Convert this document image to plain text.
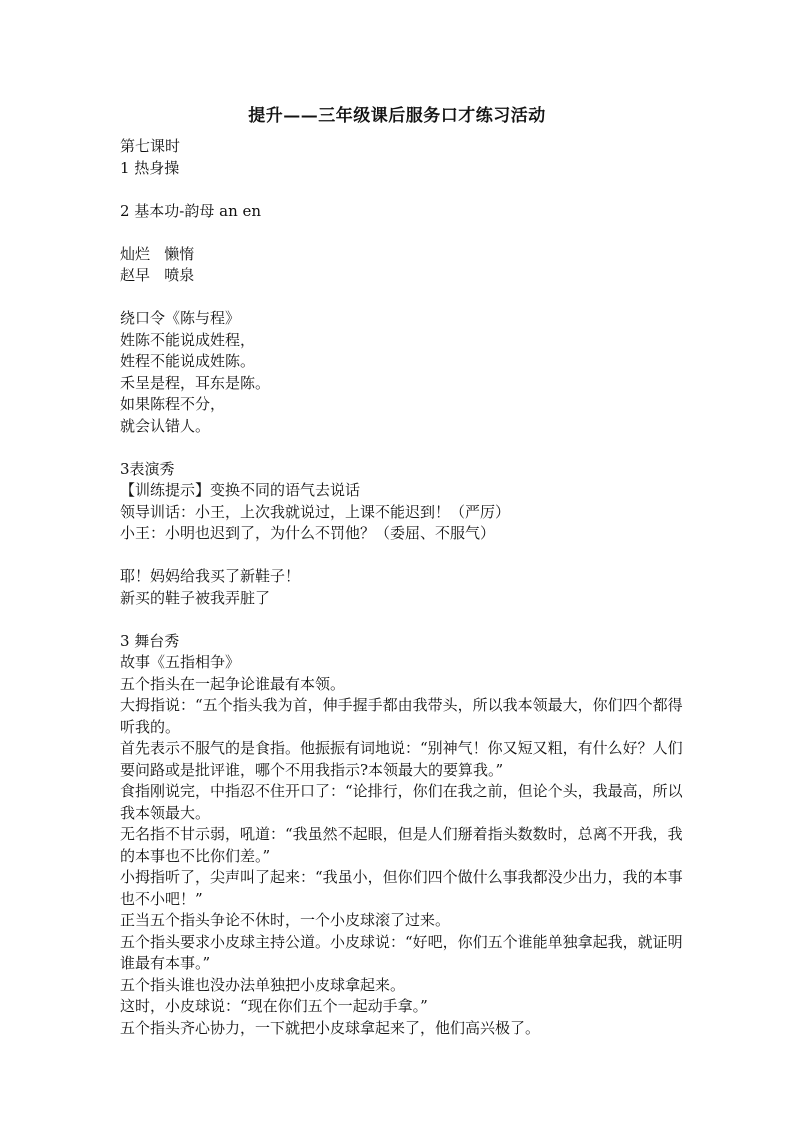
提升——三年级课后服务口才练习活动
第七课时
1 热身操
2 基本功-韵母 an en
灿烂   懒惰
赵早   喷泉
绕口令《陈与程》
姓陈不能说成姓程，
姓程不能说成姓陈。
禾呈是程，耳东是陈。
如果陈程不分，
就会认错人。
3表演秀
【训练提示】变换不同的语气去说话
领导训话：小王，上次我就说过，上课不能迟到！（严厉）
小王：小明也迟到了，为什么不罚他？（委屈、不服气）
耶！妈妈给我买了新鞋子！
新买的鞋子被我弄脏了
3 舞台秀
故事《五指相争》
五个指头在一起争论谁最有本领。
大拇指说：“五个指头我为首，伸手握手都由我带头，所以我本领最大，你们四个都得听我的。
首先表示不服气的是食指。他振振有词地说：“别神气！你又短又粗，有什么好？人们要问路或是批评谁，哪个不用我指示?本领最大的要算我。”
食指刚说完，中指忍不住开口了：“论排行，你们在我之前，但论个头，我最高，所以我本领最大。
无名指不甘示弱，吼道：“我虽然不起眼，但是人们掰着指头数数时，总离不开我，我的本事也不比你们差。”
小拇指听了，尖声叫了起来：“我虽小，但你们四个做什么事我都没少出力，我的本事也不小吧！”
正当五个指头争论不休时，一个小皮球滚了过来。
五个指头要求小皮球主持公道。小皮球说：“好吧，你们五个谁能单独拿起我，就证明谁最有本事。”
五个指头谁也没办法单独把小皮球拿起来。
这时，小皮球说：“现在你们五个一起动手拿。”
五个指头齐心协力，一下就把小皮球拿起来了，他们高兴极了。
